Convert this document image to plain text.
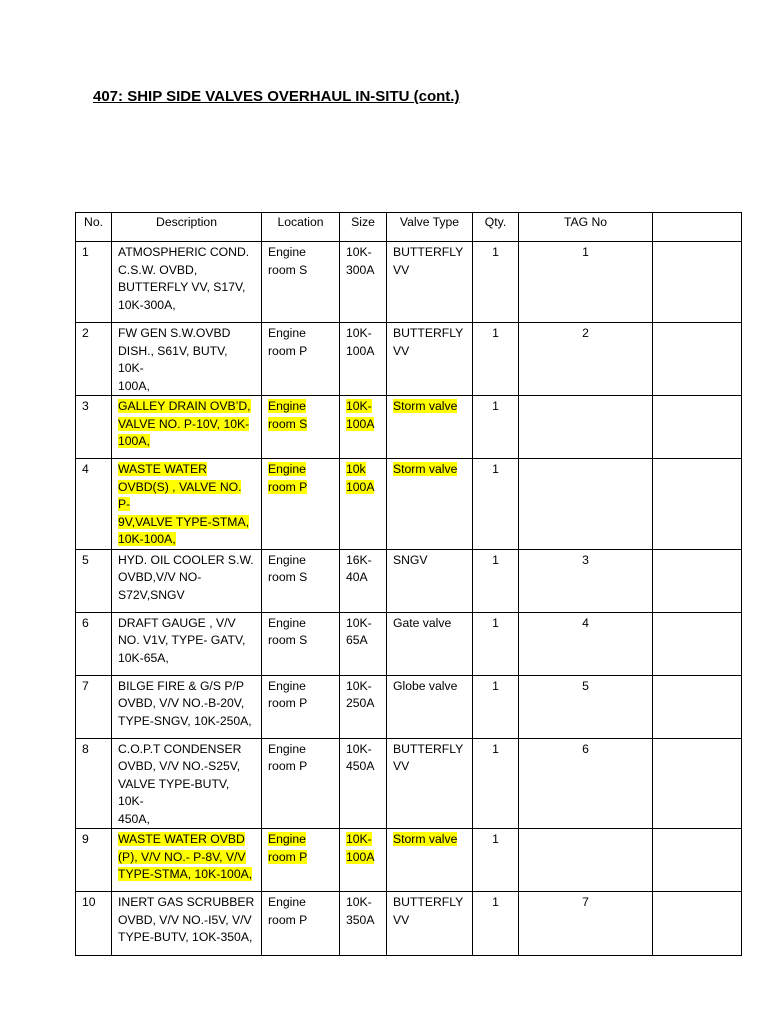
407: SHIP SIDE VALVES OVERHAUL IN-SITU (cont.)
No.	Description	Location	Size	Valve Type	Qty.	TAG No	
1	ATMOSPHERIC COND.
C.S.W. OVBD,
BUTTERFLY VV, S17V,
10K-300A,	Engine
room S	10K-
300A	BUTTERFLY
VV	1	1	
2	FW GEN S.W.OVBD
DISH., S61V, BUTV, 10K-
100A,	Engine
room P	10K-
100A	BUTTERFLY
VV	1	2	
3	GALLEY DRAIN OVB’D,
VALVE NO. P-10V, 10K-
100A,	Engine
room S	10K-
100A	Storm valve	1		
4	WASTE WATER
OVBD(S) , VALVE NO. P-
9V,VALVE TYPE-STMA,
10K-100A,	Engine
room P	10k
100A	Storm valve	1		
5	HYD. OIL COOLER S.W.
OVBD,V/V NO-
S72V,SNGV	Engine
room S	16K-
40A	SNGV	1	3	
6	DRAFT GAUGE , V/V
NO. V1V, TYPE- GATV,
10K-65A,	Engine
room S	10K-
65A	Gate valve	1	4	
7	BILGE FIRE & G/S P/P
OVBD, V/V NO.-B-20V,
TYPE-SNGV, 10K-250A,	Engine
room P	10K-
250A	Globe valve	1	5	
8	C.O.P.T CONDENSER
OVBD, V/V NO.-S25V,
VALVE TYPE-BUTV, 10K-
450A,	Engine
room P	10K-
450A	BUTTERFLY
VV	1	6	
9	WASTE WATER OVBD
(P), V/V NO.- P-8V, V/V
TYPE-STMA, 10K-100A,	Engine
room P	10K-
100A	Storm valve	1		
10	INERT GAS SCRUBBER
OVBD, V/V NO.-I5V, V/V
TYPE-BUTV, 1OK-350A,	Engine
room P	10K-
350A	BUTTERFLY
VV	1	7	
